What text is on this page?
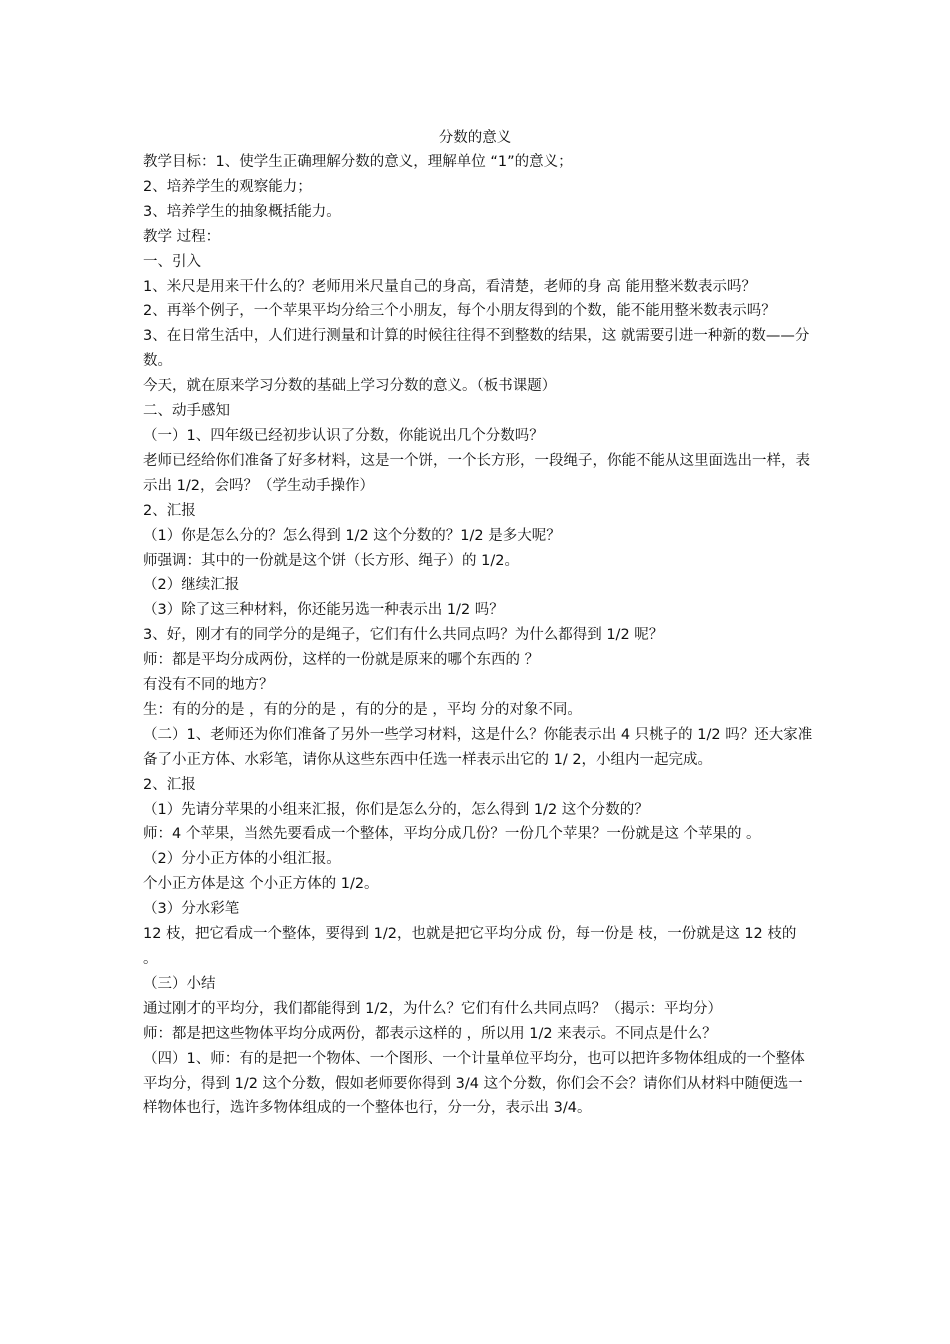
分数的意义

教学目标：1、使学生正确理解分数的意义，理解单位 “1”的意义；

2、培养学生的观察能力；

3、培养学生的抽象概括能力。

教学 过程：

一、引入

1、米尺是用来干什么的？老师用米尺量自己的身高，看清楚，老师的身 高 能用整米数表示吗？

2、再举个例子，一个苹果平均分给三个小朋友，每个小朋友得到的个数，能不能用整米数表示吗？

3、在日常生活中，人们进行测量和计算的时候往往得不到整数的结果，这 就需要引进一种新的数——分数。

今天，就在原来学习分数的基础上学习分数的意义。（板书课题）

二、动手感知

（一）1、四年级已经初步认识了分数，你能说出几个分数吗？

老师已经给你们准备了好多材料，这是一个饼，一个长方形，一段绳子，你能不能从这里面选出一样，表示出 1/2，会吗？（学生动手操作）

2、汇报

（1）你是怎么分的？怎么得到 1/2 这个分数的？1/2 是多大呢？

师强调：其中的一份就是这个饼（长方形、绳子）的 1/2。

（2）继续汇报

（3）除了这三种材料，你还能另选一种表示出 1/2 吗？

3、好，刚才有的同学分的是绳子，它们有什么共同点吗？为什么都得到 1/2 呢？

师：都是平均分成两份，这样的一份就是原来的哪个东西的 ？

有没有不同的地方？

生：有的分的是 ，有的分的是 ，有的分的是 ，平均 分的对象不同。

（二）1、老师还为你们准备了另外一些学习材料，这是什么？你能表示出 4 只桃子的 1/2 吗？还大家准备了小正方体、水彩笔，请你从这些东西中任选一样表示出它的 1/ 2，小组内一起完成。

2、汇报

（1）先请分苹果的小组来汇报，你们是怎么分的，怎么得到 1/2 这个分数的？

师：4 个苹果，当然先要看成一个整体，平均分成几份？一份几个苹果？一份就是这 个苹果的 。

（2）分小正方体的小组汇报。

个小正方体是这 个小正方体的 1/2。

（3）分水彩笔

12 枝，把它看成一个整体，要得到 1/2，也就是把它平均分成 份，每一份是 枝，一份就是这 12 枝的 。

（三）小结

通过刚才的平均分，我们都能得到 1/2，为什么？它们有什么共同点吗？（揭示：平均分）

师：都是把这些物体平均分成两份，都表示这样的 ，所以用 1/2 来表示。不同点是什么？

（四）1、师：有的是把一个物体、一个图形、一个计量单位平均分，也可以把许多物体组成的一个整体平均分，得到 1/2 这个分数，假如老师要你得到 3/4 这个分数，你们会不会？请你们从材料中随便选一样物体也行，选许多物体组成的一个整体也行，分一分，表示出 3/4。
